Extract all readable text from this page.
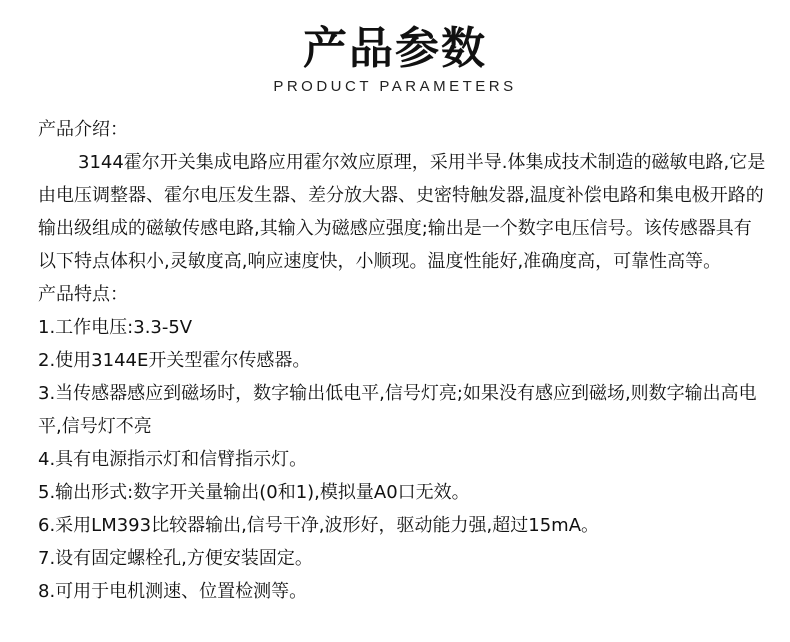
产品参数
PRODUCT PARAMETERS

产品介绍：

3144霍尔开关集成电路应用霍尔效应原理，采用半导.体集成技术制造的磁敏电路,它是由电压调整器、霍尔电压发生器、差分放大器、史密特触发器,温度补偿电路和集电极开路的输出级组成的磁敏传感电路,其输入为磁感应强度;输出是一个数字电压信号。该传感器具有以下特点体积小,灵敏度高,响应速度快，小顺现。温度性能好,准确度高，可靠性高等。

产品特点：

1.工作电压:3.3-5V

2.使用3144E开关型霍尔传感器。

3.当传感器感应到磁场时，数字输出低电平,信号灯亮;如果没有感应到磁场,则数字输出高电平,信号灯不亮

4.具有电源指示灯和信臂指示灯。

5.输出形式:数字开关量输出(0和1),模拟量A0口无效。

6.采用LM393比较器输出,信号干净,波形好，驱动能力强,超过15mA。

7.设有固定螺栓孔,方便安装固定。

8.可用于电机测速、位置检测等。
